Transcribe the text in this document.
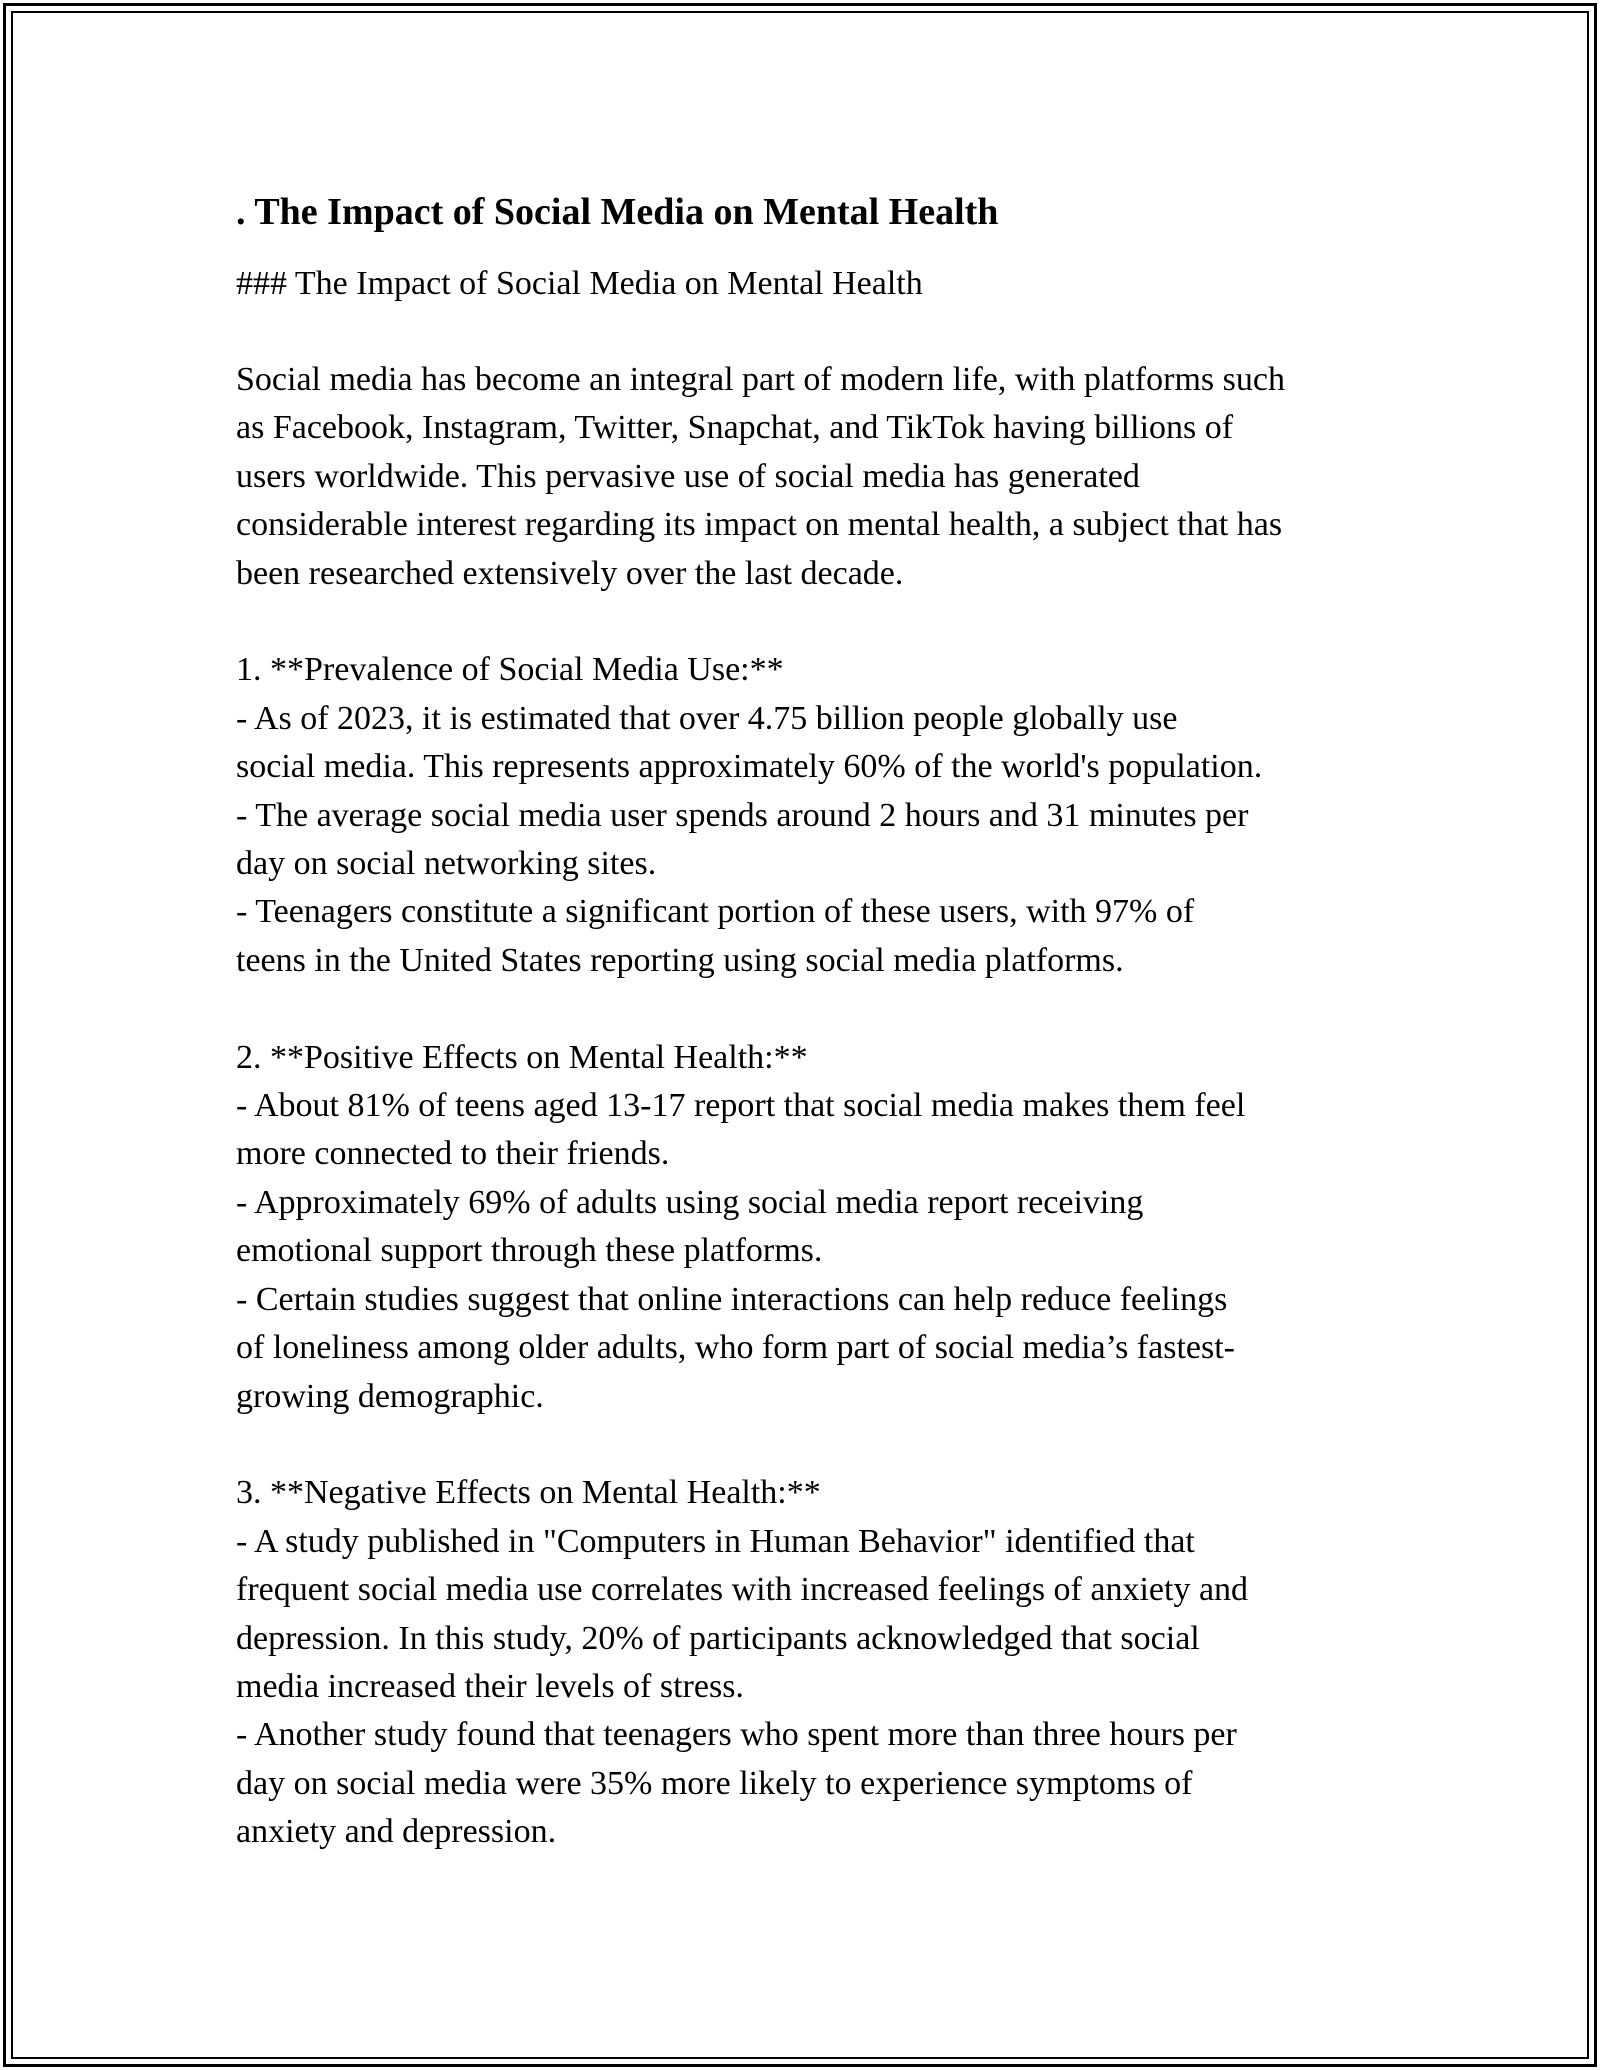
. The Impact of Social Media on Mental Health
### The Impact of Social Media on Mental Health

Social media has become an integral part of modern life, with platforms such
as Facebook, Instagram, Twitter, Snapchat, and TikTok having billions of
users worldwide. This pervasive use of social media has generated
considerable interest regarding its impact on mental health, a subject that has
been researched extensively over the last decade.

1. **Prevalence of Social Media Use:**
- As of 2023, it is estimated that over 4.75 billion people globally use
social media. This represents approximately 60% of the world's population.
- The average social media user spends around 2 hours and 31 minutes per
day on social networking sites.
- Teenagers constitute a significant portion of these users, with 97% of
teens in the United States reporting using social media platforms.

2. **Positive Effects on Mental Health:**
- About 81% of teens aged 13-17 report that social media makes them feel
more connected to their friends.
- Approximately 69% of adults using social media report receiving
emotional support through these platforms.
- Certain studies suggest that online interactions can help reduce feelings
of loneliness among older adults, who form part of social media’s fastest-
growing demographic.

3. **Negative Effects on Mental Health:**
- A study published in "Computers in Human Behavior" identified that
frequent social media use correlates with increased feelings of anxiety and
depression. In this study, 20% of participants acknowledged that social
media increased their levels of stress.
- Another study found that teenagers who spent more than three hours per
day on social media were 35% more likely to experience symptoms of
anxiety and depression.
